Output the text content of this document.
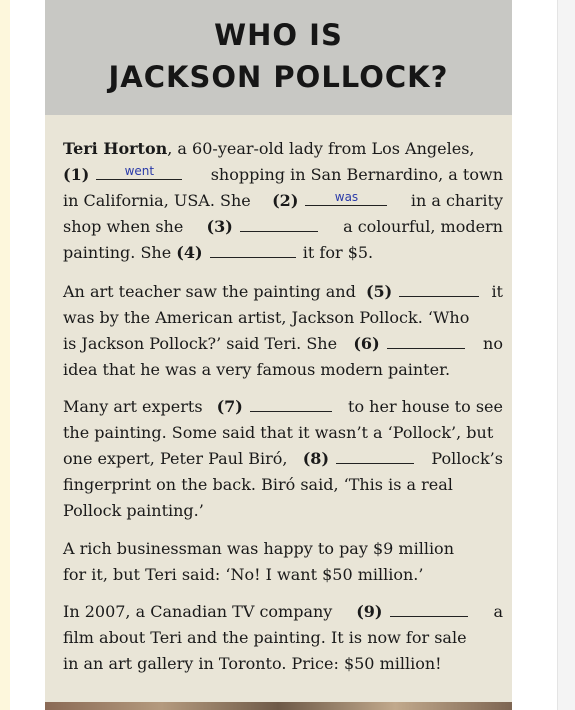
WHO IS
JACKSON POLLOCK?
Teri Horton, a 60-year-old lady from Los Angeles,
(1)	went	shopping in San Bernardino, a town
in California, USA. She (2)	was	in a charity
shop when she (3)	a colourful, modern
painting. She (4)	it for $5.
An art teacher saw the painting and (5)	it
was by the American artist, Jackson Pollock. ‘Who
is Jackson Pollock?’ said Teri. She (6)	no
idea that he was a very famous modern painter.
Many art experts (7)	to her house to see
the painting. Some said that it wasn’t a ‘Pollock’, but
one expert, Peter Paul Biró, (8)	Pollock’s
fingerprint on the back. Biró said, ‘This is a real
Pollock painting.’
A rich businessman was happy to pay $9 million
for it, but Teri said: ‘No! I want $50 million.’
In 2007, a Canadian TV company (9)	a
film about Teri and the painting. It is now for sale
in an art gallery in Toronto. Price: $50 million!
